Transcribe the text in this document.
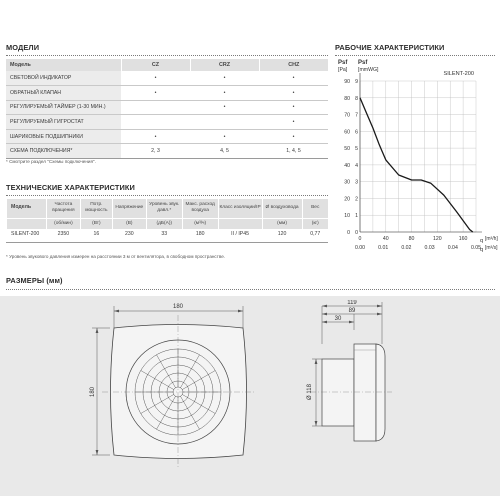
МОДЕЛИ
Модель	CZ	CRZ	CHZ
СВЕТОВОЙ ИНДИКАТОР	•	•	•
ОБРАТНЫЙ КЛАПАН	•	•	•
РЕГУЛИРУЕМЫЙ ТАЙМЕР (1-30 МИН.)		•	•
РЕГУЛИРУЕМЫЙ ГИГРОСТАТ			•
ШАРИКОВЫЕ ПОДШИПНИКИ	•	•	•
СХЕМА ПОДКЛЮЧЕНИЯ*	2, 3	4, 5	1, 4, 5
* Смотрите раздел "Схемы подключения".
ТЕХНИЧЕСКИЕ ХАРАКТЕРИСТИКИ
Модель	Частота вращения	Потр. мощность	Напряжение	Уровень звук. давл.*	Макс. расход воздуха	Класс изоляции/IP	Ø воздуховода	Вес
	(об/мин)	(Вт)	(В)	(дБ(А))	(м³/ч)		(мм)	(кг)
SILENT-200	2350	16	230	33	180	II / IP45	120	0,77
* Уровень звукового давления измерен на расстоянии 3 м от вентилятора, в свободном пространстве.
РАБОЧИЕ ХАРАКТЕРИСТИКИ
0 0
10 1
20 2
30 3
40 4
50 5
60 6
70 7
80 8
90 9
0	40	80	120	160
0.00	0.01	0.02	0.03	0.04	0.05
Psf
[Pa]
Psf
[mmWG]
SILENT-200
q [m³/h]
q [m³/s]
РАЗМЕРЫ (мм)
180
180
119
89
30
Ø 118
